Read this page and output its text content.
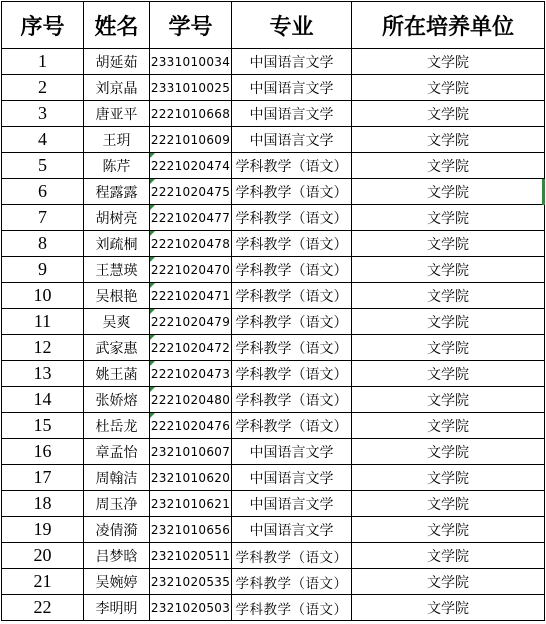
序号	姓名	学号	专业	所在培养单位
1	胡延茹	2331010034	中国语言文学	文学院
2	刘京晶	2331010025	中国语言文学	文学院
3	唐亚平	2221010668	中国语言文学	文学院
4	王玥	2221010609	中国语言文学	文学院
5	陈芹	2221020474	学科教学（语文）	文学院
6	程露露	2221020475	学科教学（语文）	文学院
7	胡树亮	2221020477	学科教学（语文）	文学院
8	刘疏桐	2221020478	学科教学（语文）	文学院
9	王慧瑛	2221020470	学科教学（语文）	文学院
10	吴根艳	2221020471	学科教学（语文）	文学院
11	吴爽	2221020479	学科教学（语文）	文学院
12	武家惠	2221020472	学科教学（语文）	文学院
13	姚王菡	2221020473	学科教学（语文）	文学院
14	张娇熔	2221020480	学科教学（语文）	文学院
15	杜岳龙	2221020476	学科教学（语文）	文学院
16	章孟怡	2321010607	中国语言文学	文学院
17	周翰洁	2321010620	中国语言文学	文学院
18	周玉净	2321010621	中国语言文学	文学院
19	凌倩漪	2321010656	中国语言文学	文学院
20	吕梦晗	2321020511	学科教学（语文）	文学院
21	吴婉婷	2321020535	学科教学（语文）	文学院
22	李明明	2321020503	学科教学（语文）	文学院
